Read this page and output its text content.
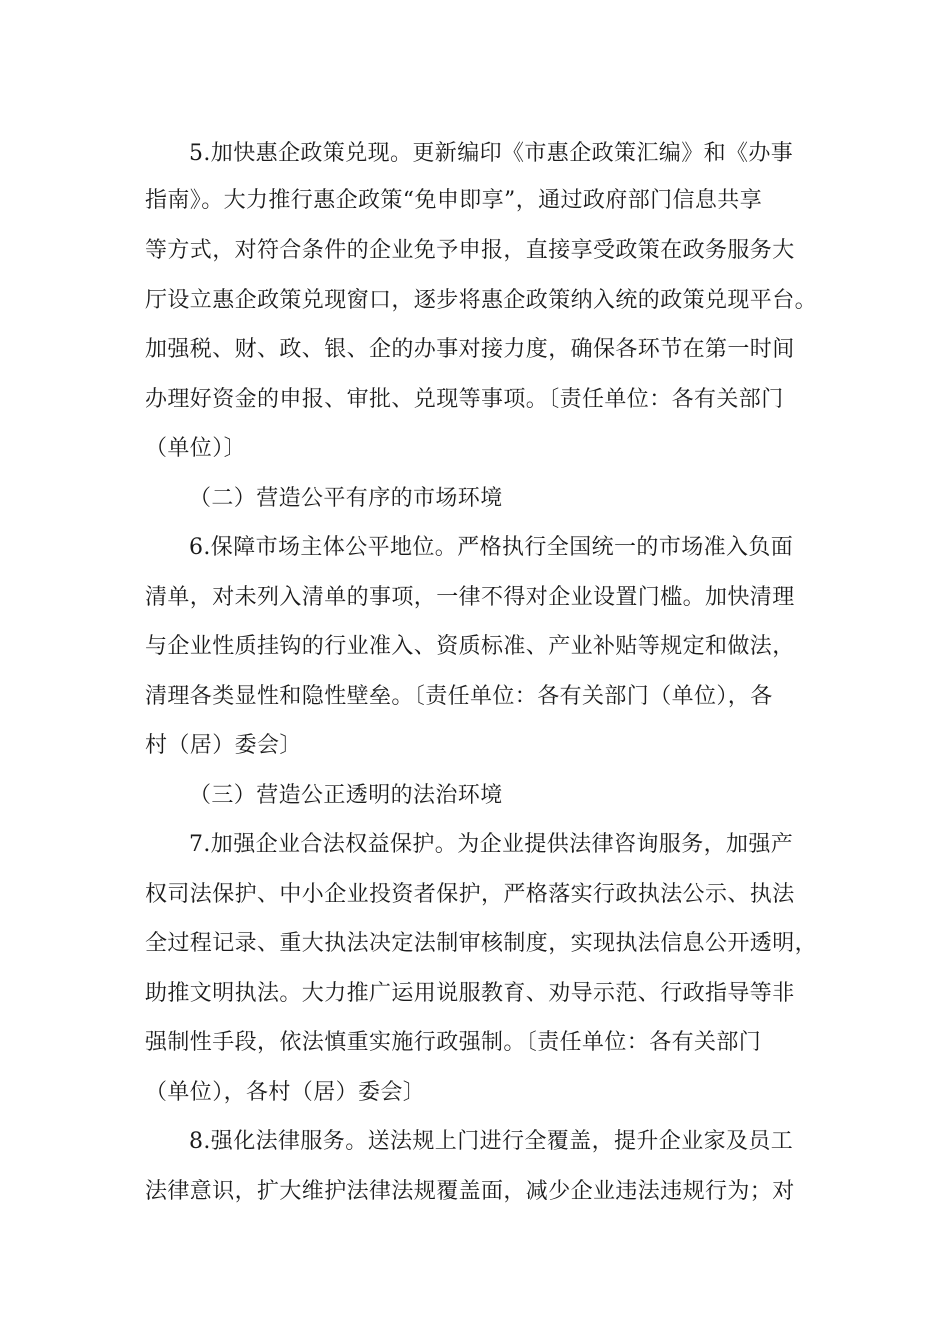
5.加快惠企政策兑现。更新编印《市惠企政策汇编》和《办事
指南》。大力推行惠企政策“免申即享”，通过政府部门信息共享
等方式，对符合条件的企业免予申报，直接享受政策在政务服务大
厅设立惠企政策兑现窗口，逐步将惠企政策纳入统的政策兑现平台。
加强税、财、政、银、企的办事对接力度，确保各环节在第一时间
办理好资金的申报、审批、兑现等事项。〔责任单位：各有关部门
（单位）〕
（二）营造公平有序的市场环境
6.保障市场主体公平地位。严格执行全国统一的市场准入负面
清单，对未列入清单的事项，一律不得对企业设置门槛。加快清理
与企业性质挂钩的行业准入、资质标准、产业补贴等规定和做法，
清理各类显性和隐性壁垒。〔责任单位：各有关部门（单位），各
村（居）委会〕
（三）营造公正透明的法治环境
7.加强企业合法权益保护。为企业提供法律咨询服务，加强产
权司法保护、中小企业投资者保护，严格落实行政执法公示、执法
全过程记录、重大执法决定法制审核制度，实现执法信息公开透明，
助推文明执法。大力推广运用说服教育、劝导示范、行政指导等非
强制性手段，依法慎重实施行政强制。〔责任单位：各有关部门
（单位），各村（居）委会〕
8.强化法律服务。送法规上门进行全覆盖，提升企业家及员工
法律意识，扩大维护法律法规覆盖面，减少企业违法违规行为；对
